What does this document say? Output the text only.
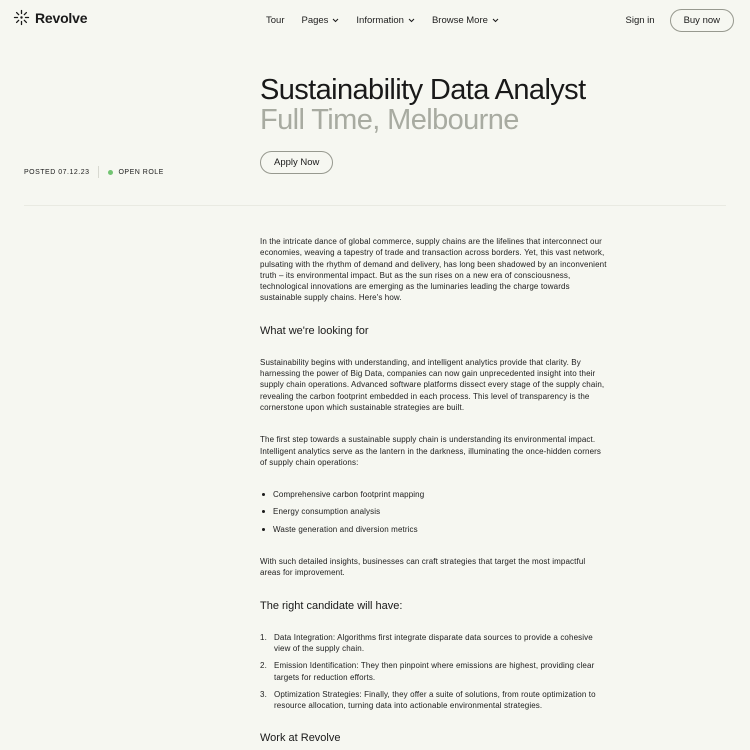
Revolve	Tour Pages	Information	Browse More	Sign in	Buy now
Sustainability Data Analyst
Full Time, Melbourne
Apply Now
POSTED 07.12.23	OPEN ROLE

In the intricate dance of global commerce, supply chains are the lifelines that interconnect our economies, weaving a tapestry of trade and transaction across borders. Yet, this vast network, pulsating with the rhythm of demand and delivery, has long been shadowed by an inconvenient truth – its environmental impact. But as the sun rises on a new era of consciousness, technological innovations are emerging as the luminaries leading the charge towards sustainable supply chains. Here's how.

What we're looking for

Sustainability begins with understanding, and intelligent analytics provide that clarity. By harnessing the power of Big Data, companies can now gain unprecedented insight into their supply chain operations. Advanced software platforms dissect every stage of the supply chain, revealing the carbon footprint embedded in each process. This level of transparency is the cornerstone upon which sustainable strategies are built.

The first step towards a sustainable supply chain is understanding its environmental impact. Intelligent analytics serve as the lantern in the darkness, illuminating the once-hidden corners of supply chain operations:

Comprehensive carbon footprint mapping
Energy consumption analysis
Waste generation and diversion metrics

With such detailed insights, businesses can craft strategies that target the most impactful areas for improvement.

The right candidate will have:
1. Data Integration: Algorithms first integrate disparate data sources to provide a cohesive view of the supply chain.
2. Emission Identification: They then pinpoint where emissions are highest, providing clear targets for reduction efforts.
3. Optimization Strategies: Finally, they offer a suite of solutions, from route optimization to resource allocation, turning data into actionable environmental strategies.
Work at Revolve
